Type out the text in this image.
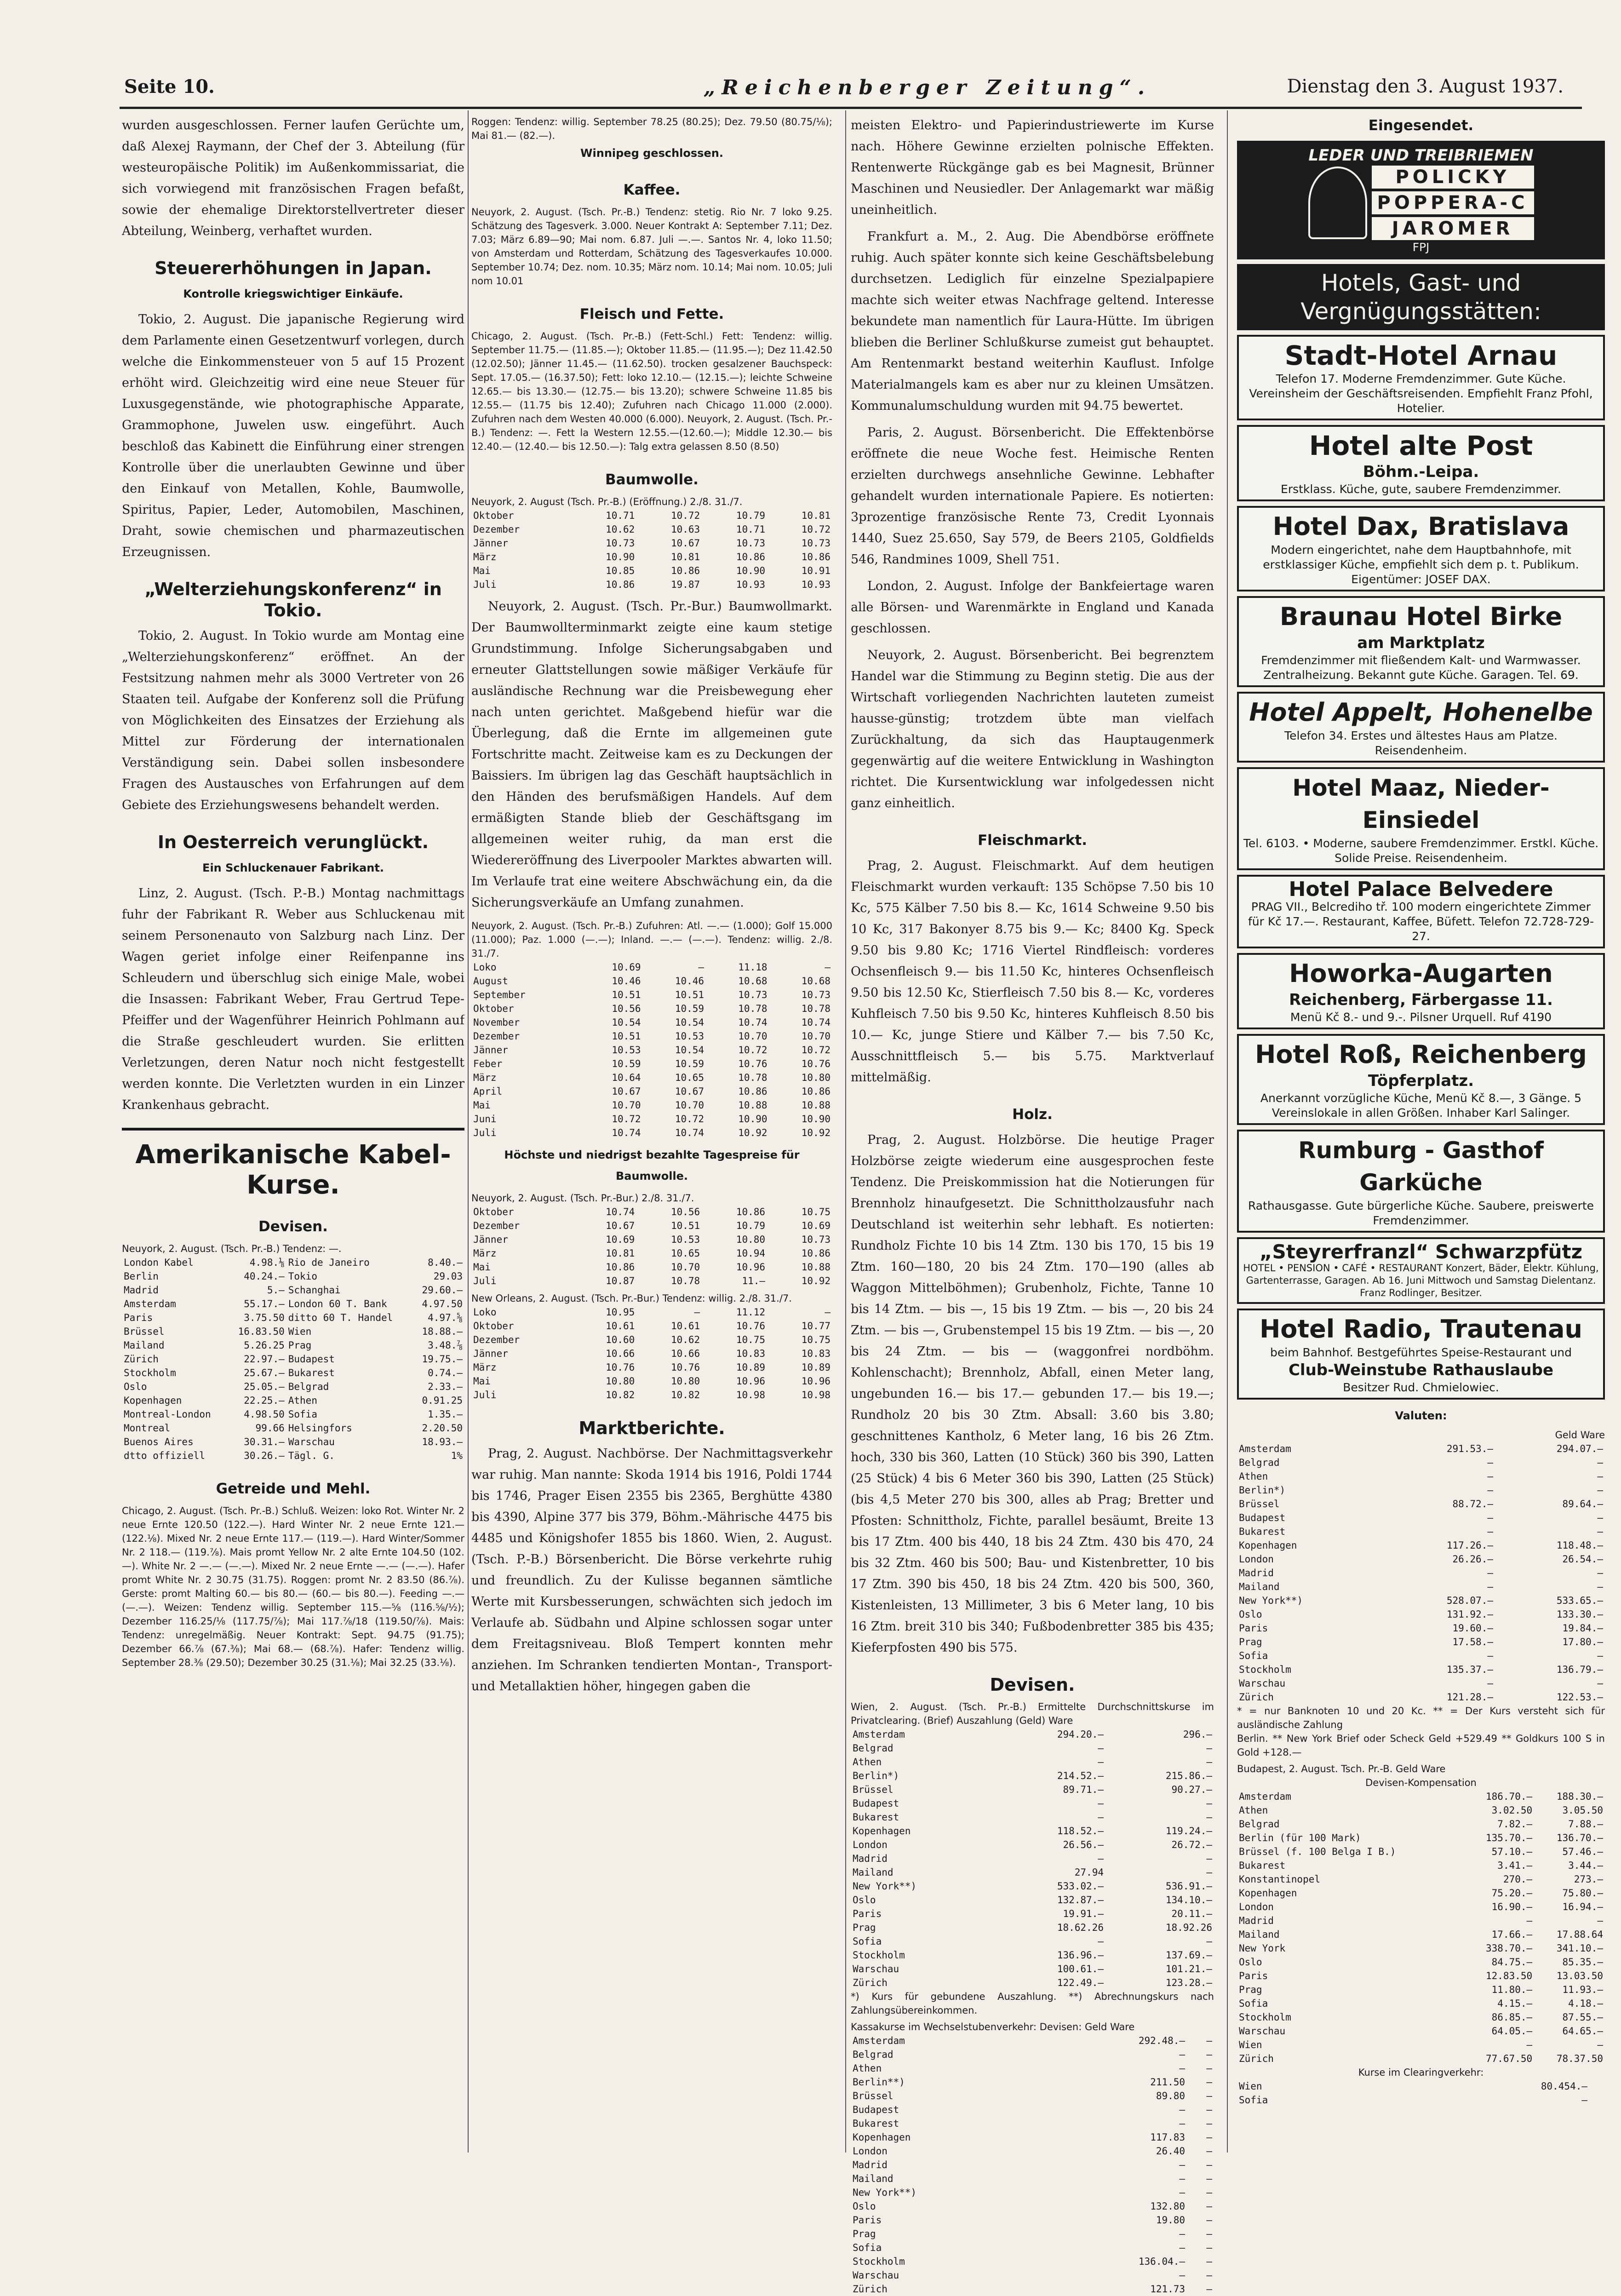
Seite 10.	„Reichenberger Zeitung“.	Dienstag den 3. August 1937.

wurden ausgeschlossen. Ferner laufen Gerüchte um, daß Alexej Raymann, der Chef der 3. Abteilung (für westeuropäische Politik) im Außenkommissariat, die sich vorwiegend mit französischen Fragen befaßt, sowie der ehemalige Direktorstellvertreter dieser Abteilung, Weinberg, verhaftet wurden.

Steuererhöhungen in Japan.
Kontrolle kriegswichtiger Einkäufe.

Tokio, 2. August. Die japanische Regierung wird dem Parlamente einen Gesetzentwurf vorlegen, durch welche die Einkommensteuer von 5 auf 15 Prozent erhöht wird. Gleichzeitig wird eine neue Steuer für Luxusgegenstände, wie photographische Apparate, Grammophone, Juwelen usw. eingeführt. Auch beschloß das Kabinett die Einführung einer strengen Kontrolle über die unerlaubten Gewinne und über den Einkauf von Metallen, Kohle, Baumwolle, Spiritus, Papier, Leder, Automobilen, Maschinen, Draht, sowie chemischen und pharmazeutischen Erzeugnissen.

„Welterziehungskonferenz“ in Tokio.

Tokio, 2. August. In Tokio wurde am Montag eine „Welterziehungskonferenz“ eröffnet. An der Festsitzung nahmen mehr als 3000 Vertreter von 26 Staaten teil. Aufgabe der Konferenz soll die Prüfung von Möglichkeiten des Einsatzes der Erziehung als Mittel zur Förderung der internationalen Verständigung sein. Dabei sollen insbesondere Fragen des Austausches von Erfahrungen auf dem Gebiete des Erziehungswesens behandelt werden.

In Oesterreich verunglückt.
Ein Schluckenauer Fabrikant.

Linz, 2. August. (Tsch. P.-B.) Montag nachmittags fuhr der Fabrikant R. Weber aus Schluckenau mit seinem Personenauto von Salzburg nach Linz. Der Wagen geriet infolge einer Reifenpanne ins Schleudern und überschlug sich einige Male, wobei die Insassen: Fabrikant Weber, Frau Gertrud Tepe-Pfeiffer und der Wagenführer Heinrich Pohlmann auf die Straße geschleudert wurden. Sie erlitten Verletzungen, deren Natur noch nicht festgestellt werden konnte. Die Verletzten wurden in ein Linzer Krankenhaus gebracht.

Amerikanische Kabel-Kurse.
Devisen.
Neuyork, 2. August. (Tsch. Pr.-B.) Tendenz: —.
London Kabel	4.98.⅛	Rio de Janeiro	8.40.—
Berlin	40.24.—	Tokio	29.03
Madrid	5.—	Schanghai	29.60.—
Amsterdam	55.17.—	London 60 T. Bank	4.97.50
Paris	3.75.50	ditto 60 T. Handel	4.97.⅝
Brüssel	16.83.50	Wien	18.88.—
Mailand	5.26.25	Prag	3.48.⅞
Zürich	22.97.—	Budapest	19.75.—
Stockholm	25.67.—	Bukarest	0.74.—
Oslo	25.05.—	Belgrad	2.33.—
Kopenhagen	22.25.—	Athen	0.91.25
Montreal-London	4.98.50	Sofia	1.35.—
Montreal	99.66	Helsingfors	2.20.50
Buenos Aires	30.31.—	Warschau	18.93.—
dtto offiziell	30.26.—	Tägl. G.	1%
Getreide und Mehl.

Chicago, 2. August. (Tsch. Pr.-B.) Schluß. Weizen: loko Rot. Winter Nr. 2 neue Ernte 120.50 (122.—). Hard Winter Nr. 2 neue Ernte 121.— (122.⅛). Mixed Nr. 2 neue Ernte 117.— (119.—). Hard Winter/Sommer Nr. 2 118.— (119.⅞). Mais promt Yellow Nr. 2 alte Ernte 104.50 (102.—). White Nr. 2 —.— (—.—). Mixed Nr. 2 neue Ernte —.— (—.—). Hafer promt White Nr. 2 30.75 (31.75). Roggen: promt Nr. 2 83.50 (86.⅞). Gerste: promt Malting 60.— bis 80.— (60.— bis 80.—). Feeding —.— (—.—). Weizen: Tendenz willig. September 115.—⅝ (116.⅝/½); Dezember 116.25/⅛ (117.75/⅞); Mai 117.⅞/18 (119.50/⅞). Mais: Tendenz: unregelmäßig. Neuer Kontrakt: Sept. 94.75 (91.75); Dezember 66.⅞ (67.⅜); Mai 68.— (68.⅞). Hafer: Tendenz willig. September 28.⅜ (29.50); Dezember 30.25 (31.⅛); Mai 32.25 (33.⅛).

Roggen: Tendenz: willig. September 78.25 (80.25); Dez. 79.50 (80.75/⅛); Mai 81.— (82.—).

Winnipeg geschlossen.
Kaffee.

Neuyork, 2. August. (Tsch. Pr.-B.) Tendenz: stetig. Rio Nr. 7 loko 9.25. Schätzung des Tagesverk. 3.000. Neuer Kontrakt A: September 7.11; Dez. 7.03; März 6.89—90; Mai nom. 6.87. Juli —.—. Santos Nr. 4, loko 11.50; von Amsterdam und Rotterdam, Schätzung des Tagesverkaufes 10.000. September 10.74; Dez. nom. 10.35; März nom. 10.14; Mai nom. 10.05; Juli nom 10.01

Fleisch und Fette.

Chicago, 2. August. (Tsch. Pr.-B.) (Fett-Schl.) Fett: Tendenz: willig. September 11.75.— (11.85.—); Oktober 11.85.— (11.95.—); Dez 11.42.50 (12.02.50); Jänner 11.45.— (11.62.50). trocken gesalzener Bauchspeck: Sept. 17.05.— (16.37.50); Fett: loko 12.10.— (12.15.—); leichte Schweine 12.65.— bis 13.30.— (12.75.— bis 13.20); schwere Schweine 11.85 bis 12.55.— (11.75 bis 12.40); Zufuhren nach Chicago 11.000 (2.000). Zufuhren nach dem Westen 40.000 (6.000). Neuyork, 2. August. (Tsch. Pr.-B.) Tendenz: —. Fett la Western 12.55.—(12.60.—); Middle 12.30.— bis 12.40.— (12.40.— bis 12.50.—): Talg extra gelassen 8.50 (8.50)

Baumwolle.
Neuyork, 2. August (Tsch. Pr.-B.) (Eröffnung.) 2./8. 31./7.
Oktober	10.71	10.72	10.79	10.81
Dezember	10.62	10.63	10.71	10.72
Jänner	10.73	10.67	10.73	10.73
März	10.90	10.81	10.86	10.86
Mai	10.85	10.86	10.90	10.91
Juli	10.86	19.87	10.93	10.93

Neuyork, 2. August. (Tsch. Pr.-Bur.) Baumwollmarkt. Der Baumwollterminmarkt zeigte eine kaum stetige Grundstimmung. Infolge Sicherungsabgaben und erneuter Glattstellungen sowie mäßiger Verkäufe für ausländische Rechnung war die Preisbewegung eher nach unten gerichtet. Maßgebend hiefür war die Überlegung, daß die Ernte im allgemeinen gute Fortschritte macht. Zeitweise kam es zu Deckungen der Baissiers. Im übrigen lag das Geschäft hauptsächlich in den Händen des berufsmäßigen Handels. Auf dem ermäßigten Stande blieb der Geschäftsgang im allgemeinen weiter ruhig, da man erst die Wiedereröffnung des Liverpooler Marktes abwarten will. Im Verlaufe trat eine weitere Abschwächung ein, da die Sicherungsverkäufe an Umfang zunahmen.

Neuyork, 2. August. (Tsch. Pr.-B.) Zufuhren: Atl. —.— (1.000); Golf 15.000 (11.000); Paz. 1.000 (—.—); Inland. —.— (—.—). Tendenz: willig. 2./8. 31./7.
Loko	10.69	—	11.18	—
August	10.46	10.46	10.68	10.68
September	10.51	10.51	10.73	10.73
Oktober	10.56	10.59	10.78	10.78
November	10.54	10.54	10.74	10.74
Dezember	10.51	10.53	10.70	10.70
Jänner	10.53	10.54	10.72	10.72
Feber	10.59	10.59	10.76	10.76
März	10.64	10.65	10.78	10.80
April	10.67	10.67	10.86	10.86
Mai	10.70	10.70	10.88	10.88
Juni	10.72	10.72	10.90	10.90
Juli	10.74	10.74	10.92	10.92
Höchste und niedrigst bezahlte Tagespreise für Baumwolle.
Neuyork, 2. August. (Tsch. Pr.-Bur.) 2./8. 31./7.
Oktober	10.74	10.56	10.86	10.75
Dezember	10.67	10.51	10.79	10.69
Jänner	10.69	10.53	10.80	10.73
März	10.81	10.65	10.94	10.86
Mai	10.86	10.70	10.96	10.88
Juli	10.87	10.78	11.—	10.92
New Orleans, 2. August. (Tsch. Pr.-Bur.) Tendenz: willig. 2./8. 31./7.
Loko	10.95	—	11.12	—
Oktober	10.61	10.61	10.76	10.77
Dezember	10.60	10.62	10.75	10.75
Jänner	10.66	10.66	10.83	10.83
März	10.76	10.76	10.89	10.89
Mai	10.80	10.80	10.96	10.96
Juli	10.82	10.82	10.98	10.98
Marktberichte.

Prag, 2. August. Nachbörse. Der Nachmittagsverkehr war ruhig. Man nannte: Skoda 1914 bis 1916, Poldi 1744 bis 1746, Prager Eisen 2355 bis 2365, Berghütte 4380 bis 4390, Alpine 377 bis 379, Böhm.-Mährische 4475 bis 4485 und Königshofer 1855 bis 1860. Wien, 2. August. (Tsch. P.-B.) Börsenbericht. Die Börse verkehrte ruhig und freundlich. Zu der Kulisse begannen sämtliche Werte mit Kursbesserungen, schwächten sich jedoch im Verlaufe ab. Südbahn und Alpine schlossen sogar unter dem Freitagsniveau. Bloß Tempert konnten mehr anziehen. Im Schranken tendierten Montan-, Transport- und Metallaktien höher, hingegen gaben die

meisten Elektro- und Papierindustriewerte im Kurse nach. Höhere Gewinne erzielten polnische Effekten. Rentenwerte Rückgänge gab es bei Magnesit, Brünner Maschinen und Neusiedler. Der Anlagemarkt war mäßig uneinheitlich.

Frankfurt a. M., 2. Aug. Die Abendbörse eröffnete ruhig. Auch später konnte sich keine Geschäftsbelebung durchsetzen. Lediglich für einzelne Spezialpapiere machte sich weiter etwas Nachfrage geltend. Interesse bekundete man namentlich für Laura-Hütte. Im übrigen blieben die Berliner Schlußkurse zumeist gut behauptet. Am Rentenmarkt bestand weiterhin Kauflust. Infolge Materialmangels kam es aber nur zu kleinen Umsätzen. Kommunalumschuldung wurden mit 94.75 bewertet.

Paris, 2. August. Börsenbericht. Die Effektenbörse eröffnete die neue Woche fest. Heimische Renten erzielten durchwegs ansehnliche Gewinne. Lebhafter gehandelt wurden internationale Papiere. Es notierten: 3prozentige französische Rente 73, Credit Lyonnais 1440, Suez 25.650, Say 579, de Beers 2105, Goldfields 546, Randmines 1009, Shell 751.

London, 2. August. Infolge der Bankfeiertage waren alle Börsen- und Warenmärkte in England und Kanada geschlossen.

Neuyork, 2. August. Börsenbericht. Bei begrenztem Handel war die Stimmung zu Beginn stetig. Die aus der Wirtschaft vorliegenden Nachrichten lauteten zumeist hausse-günstig; trotzdem übte man vielfach Zurückhaltung, da sich das Hauptaugenmerk gegenwärtig auf die weitere Entwicklung in Washington richtet. Die Kursentwicklung war infolgedessen nicht ganz einheitlich.

Fleischmarkt.

Prag, 2. August. Fleischmarkt. Auf dem heutigen Fleischmarkt wurden verkauft: 135 Schöpse 7.50 bis 10 Kc, 575 Kälber 7.50 bis 8.— Kc, 1614 Schweine 9.50 bis 10 Kc, 317 Bakonyer 8.75 bis 9.— Kc; 8400 Kg. Speck 9.50 bis 9.80 Kc; 1716 Viertel Rindfleisch: vorderes Ochsenfleisch 9.— bis 11.50 Kc, hinteres Ochsenfleisch 9.50 bis 12.50 Kc, Stierfleisch 7.50 bis 8.— Kc, vorderes Kuhfleisch 7.50 bis 9.50 Kc, hinteres Kuhfleisch 8.50 bis 10.— Kc, junge Stiere und Kälber 7.— bis 7.50 Kc, Ausschnittfleisch 5.— bis 5.75. Marktverlauf mittelmäßig.

Holz.

Prag, 2. August. Holzbörse. Die heutige Prager Holzbörse zeigte wiederum eine ausgesprochen feste Tendenz. Die Preiskommission hat die Notierungen für Brennholz hinaufgesetzt. Die Schnittholzausfuhr nach Deutschland ist weiterhin sehr lebhaft. Es notierten: Rundholz Fichte 10 bis 14 Ztm. 130 bis 170, 15 bis 19 Ztm. 160—180, 20 bis 24 Ztm. 170—190 (alles ab Waggon Mittelböhmen); Grubenholz, Fichte, Tanne 10 bis 14 Ztm. — bis —, 15 bis 19 Ztm. — bis —, 20 bis 24 Ztm. — bis —, Grubenstempel 15 bis 19 Ztm. — bis —, 20 bis 24 Ztm. — bis — (waggonfrei nordböhm. Kohlenschacht); Brennholz, Abfall, einen Meter lang, ungebunden 16.— bis 17.— gebunden 17.— bis 19.—; Rundholz 20 bis 30 Ztm. Absall: 3.60 bis 3.80; geschnittenes Kantholz, 6 Meter lang, 16 bis 26 Ztm. hoch, 330 bis 360, Latten (10 Stück) 360 bis 390, Latten (25 Stück) 4 bis 6 Meter 360 bis 390, Latten (25 Stück) (bis 4,5 Meter 270 bis 300, alles ab Prag; Bretter und Pfosten: Schnittholz, Fichte, parallel besäumt, Breite 13 bis 17 Ztm. 400 bis 440, 18 bis 24 Ztm. 430 bis 470, 24 bis 32 Ztm. 460 bis 500; Bau- und Kistenbretter, 10 bis 17 Ztm. 390 bis 450, 18 bis 24 Ztm. 420 bis 500, 360, Kistenleisten, 13 Millimeter, 3 bis 6 Meter lang, 10 bis 16 Ztm. breit 310 bis 340; Fußbodenbretter 385 bis 435; Kieferpfosten 490 bis 575.

Devisen.
Wien, 2. August. (Tsch. Pr.-B.) Ermittelte Durchschnittskurse im Privatclearing. (Brief) Auszahlung (Geld) Ware
Amsterdam	294.20.—	296.—
Belgrad	—	—
Athen	—	—
Berlin*)	214.52.—	215.86.—
Brüssel	89.71.—	90.27.—
Budapest	—	—
Bukarest	—	—
Kopenhagen	118.52.—	119.24.—
London	26.56.—	26.72.—
Madrid	—	—
Mailand	27.94	—
New York**)	533.02.—	536.91.—
Oslo	132.87.—	134.10.—
Paris	19.91.—	20.11.—
Prag	18.62.26	18.92.26
Sofia	—	—
Stockholm	136.96.—	137.69.—
Warschau	100.61.—	101.21.—
Zürich	122.49.—	123.28.—
*) Kurs für gebundene Auszahlung. **) Abrechnungskurs nach Zahlungsübereinkommen.
Kassakurse im Wechselstubenverkehr: Devisen: Geld Ware
Amsterdam	292.48.—	—
Belgrad	—	—
Athen	—	—
Berlin**)	211.50	—
Brüssel	89.80	—
Budapest	—	—
Bukarest	—	—
Kopenhagen	117.83	—
London	26.40	—
Madrid	—	—
Mailand	—	—
New York**)	—	—
Oslo	132.80	—
Paris	19.80	—
Prag	—	—
Sofia	—	—
Stockholm	136.04.—	—
Warschau	—	—
Zürich	121.73	—
Eingesendet.
LEDER UND TREIBRIEMEN
POLICKY
POPPERA-C
JAROMER
FPJ
Hotels, Gast- und Vergnügungsstätten:
Stadt-Hotel Arnau
Telefon 17. Moderne Fremdenzimmer. Gute Küche. Vereinsheim der Geschäftsreisenden. Empfiehlt Franz Pfohl, Hotelier.
Hotel alte Post
Böhm.-Leipa.
Erstklass. Küche, gute, saubere Fremdenzimmer.
Hotel Dax, Bratislava
Modern eingerichtet, nahe dem Hauptbahnhofe, mit erstklassiger Küche, empfiehlt sich dem p. t. Publikum. Eigentümer: JOSEF DAX.
Braunau Hotel Birke
am Marktplatz
Fremdenzimmer mit fließendem Kalt- und Warmwasser. Zentralheizung. Bekannt gute Küche. Garagen. Tel. 69.
Hotel Appelt, Hohenelbe
Telefon 34. Erstes und ältestes Haus am Platze. Reisendenheim.
Hotel Maaz, Nieder-Einsiedel
Tel. 6103. • Moderne, saubere Fremdenzimmer. Erstkl. Küche. Solide Preise. Reisendenheim.
Hotel Palace Belvedere
PRAG VII., Belcrediho tř. 100 modern eingerichtete Zimmer für Kč 17.—. Restaurant, Kaffee, Büfett. Telefon 72.728-729-27.
Howorka-Augarten
Reichenberg, Färbergasse 11.
Menü Kč 8.- und 9.-. Pilsner Urquell. Ruf 4190
Hotel Roß, Reichenberg
Töpferplatz.
Anerkannt vorzügliche Küche, Menü Kč 8.—, 3 Gänge. 5 Vereinslokale in allen Größen. Inhaber Karl Salinger.
Rumburg - Gasthof Garküche
Rathausgasse. Gute bürgerliche Küche. Saubere, preiswerte Fremdenzimmer.
„Steyrerfranzl“ Schwarzpfütz
HOTEL • PENSION • CAFÉ • RESTAURANT Konzert, Bäder, Elektr. Kühlung, Gartenterrasse, Garagen. Ab 16. Juni Mittwoch und Samstag Dielentanz. Franz Rodlinger, Besitzer.
Hotel Radio, Trautenau
beim Bahnhof. Bestgeführtes Speise-Restaurant und
Club-Weinstube Rathauslaube
Besitzer Rud. Chmielowiec.
Valuten:
Geld Ware
Amsterdam	291.53.—	294.07.—
Belgrad	—	—
Athen	—	—
Berlin*)	—	—
Brüssel	88.72.—	89.64.—
Budapest	—	—
Bukarest	—	—
Kopenhagen	117.26.—	118.48.—
London	26.26.—	26.54.—
Madrid	—	—
Mailand	—	—
New York**)	528.07.—	533.65.—
Oslo	131.92.—	133.30.—
Paris	19.60.—	19.84.—
Prag	17.58.—	17.80.—
Sofia	—	—
Stockholm	135.37.—	136.79.—
Warschau	—	—
Zürich	121.28.—	122.53.—
* = nur Banknoten 10 und 20 Kc. ** = Der Kurs versteht sich für ausländische Zahlung
Berlin. ** New York Brief oder Scheck Geld +529.49 ** Goldkurs 100 S in Gold +128.—
Budapest, 2. August. Tsch. Pr.-B. Geld Ware
Devisen-Kompensation
Amsterdam	186.70.—	188.30.—
Athen	3.02.50	3.05.50
Belgrad	7.82.—	7.88.—
Berlin (für 100 Mark)	135.70.—	136.70.—
Brüssel (f. 100 Belga I B.)	57.10.—	57.46.—
Bukarest	3.41.—	3.44.—
Konstantinopel	270.—	273.—
Kopenhagen	75.20.—	75.80.—
London	16.90.—	16.94.—
Madrid	—	—
Mailand	17.66.—	17.88.64
New York	338.70.—	341.10.—
Oslo	84.75.—	85.35.—
Paris	12.83.50	13.03.50
Prag	11.80.—	11.93.—
Sofia	4.15.—	4.18.—
Stockholm	86.85.—	87.55.—
Warschau	64.05.—	64.65.—
Wien	—	—
Zürich	77.67.50	78.37.50
Kurse im Clearingverkehr:
Wien	80.454.—	
Sofia	—	
